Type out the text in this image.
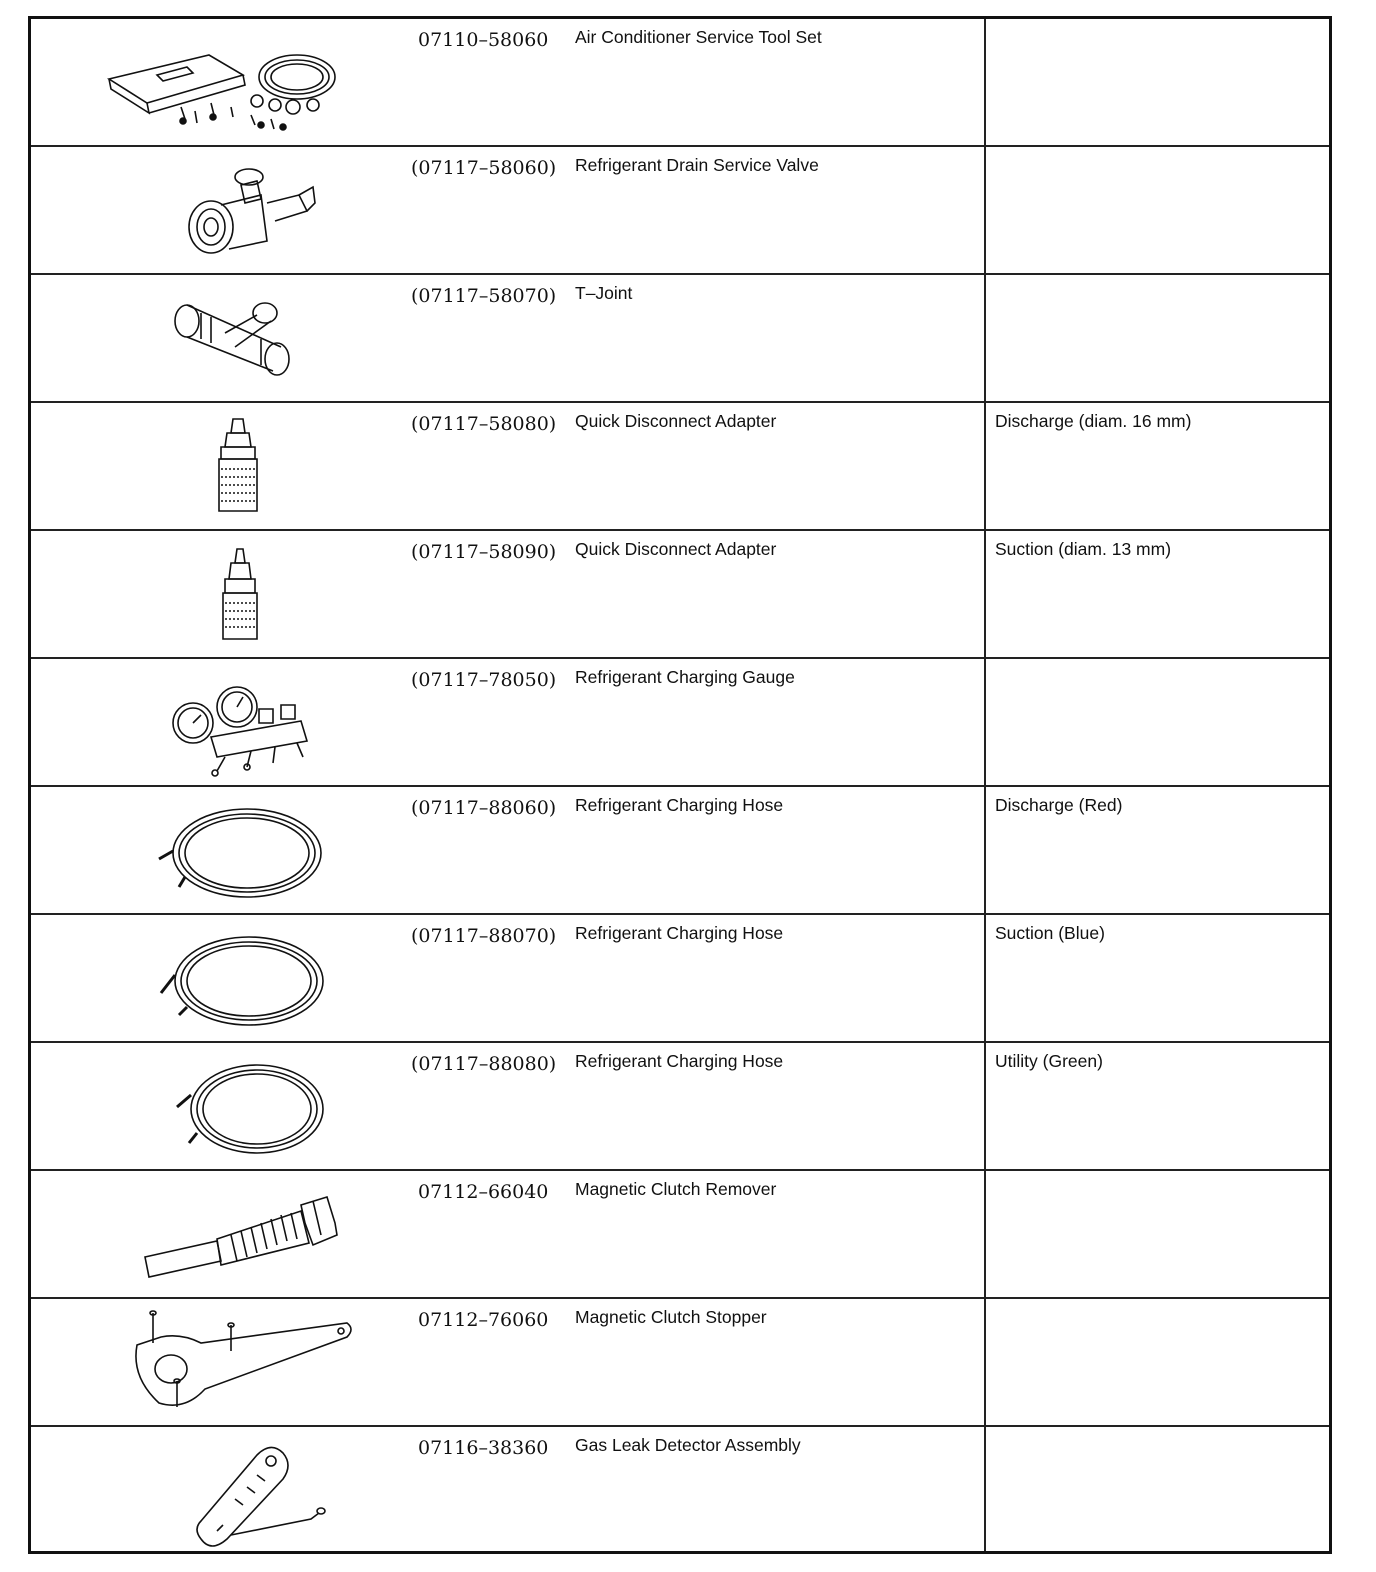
07110–58060	Air Conditioner Service Tool Set
(07117–58060)	Refrigerant Drain Service Valve
(07117–58070)	T–Joint
(07117–58080)	Quick Disconnect Adapter	Discharge (diam. 16 mm)
(07117–58090)	Quick Disconnect Adapter	Suction (diam. 13 mm)
(07117–78050)	Refrigerant Charging Gauge
(07117–88060)	Refrigerant Charging Hose	Discharge (Red)
(07117–88070)	Refrigerant Charging Hose	Suction (Blue)
(07117–88080)	Refrigerant Charging Hose	Utility (Green)
07112–66040	Magnetic Clutch Remover
07112–76060	Magnetic Clutch Stopper
07116–38360	Gas Leak Detector Assembly
